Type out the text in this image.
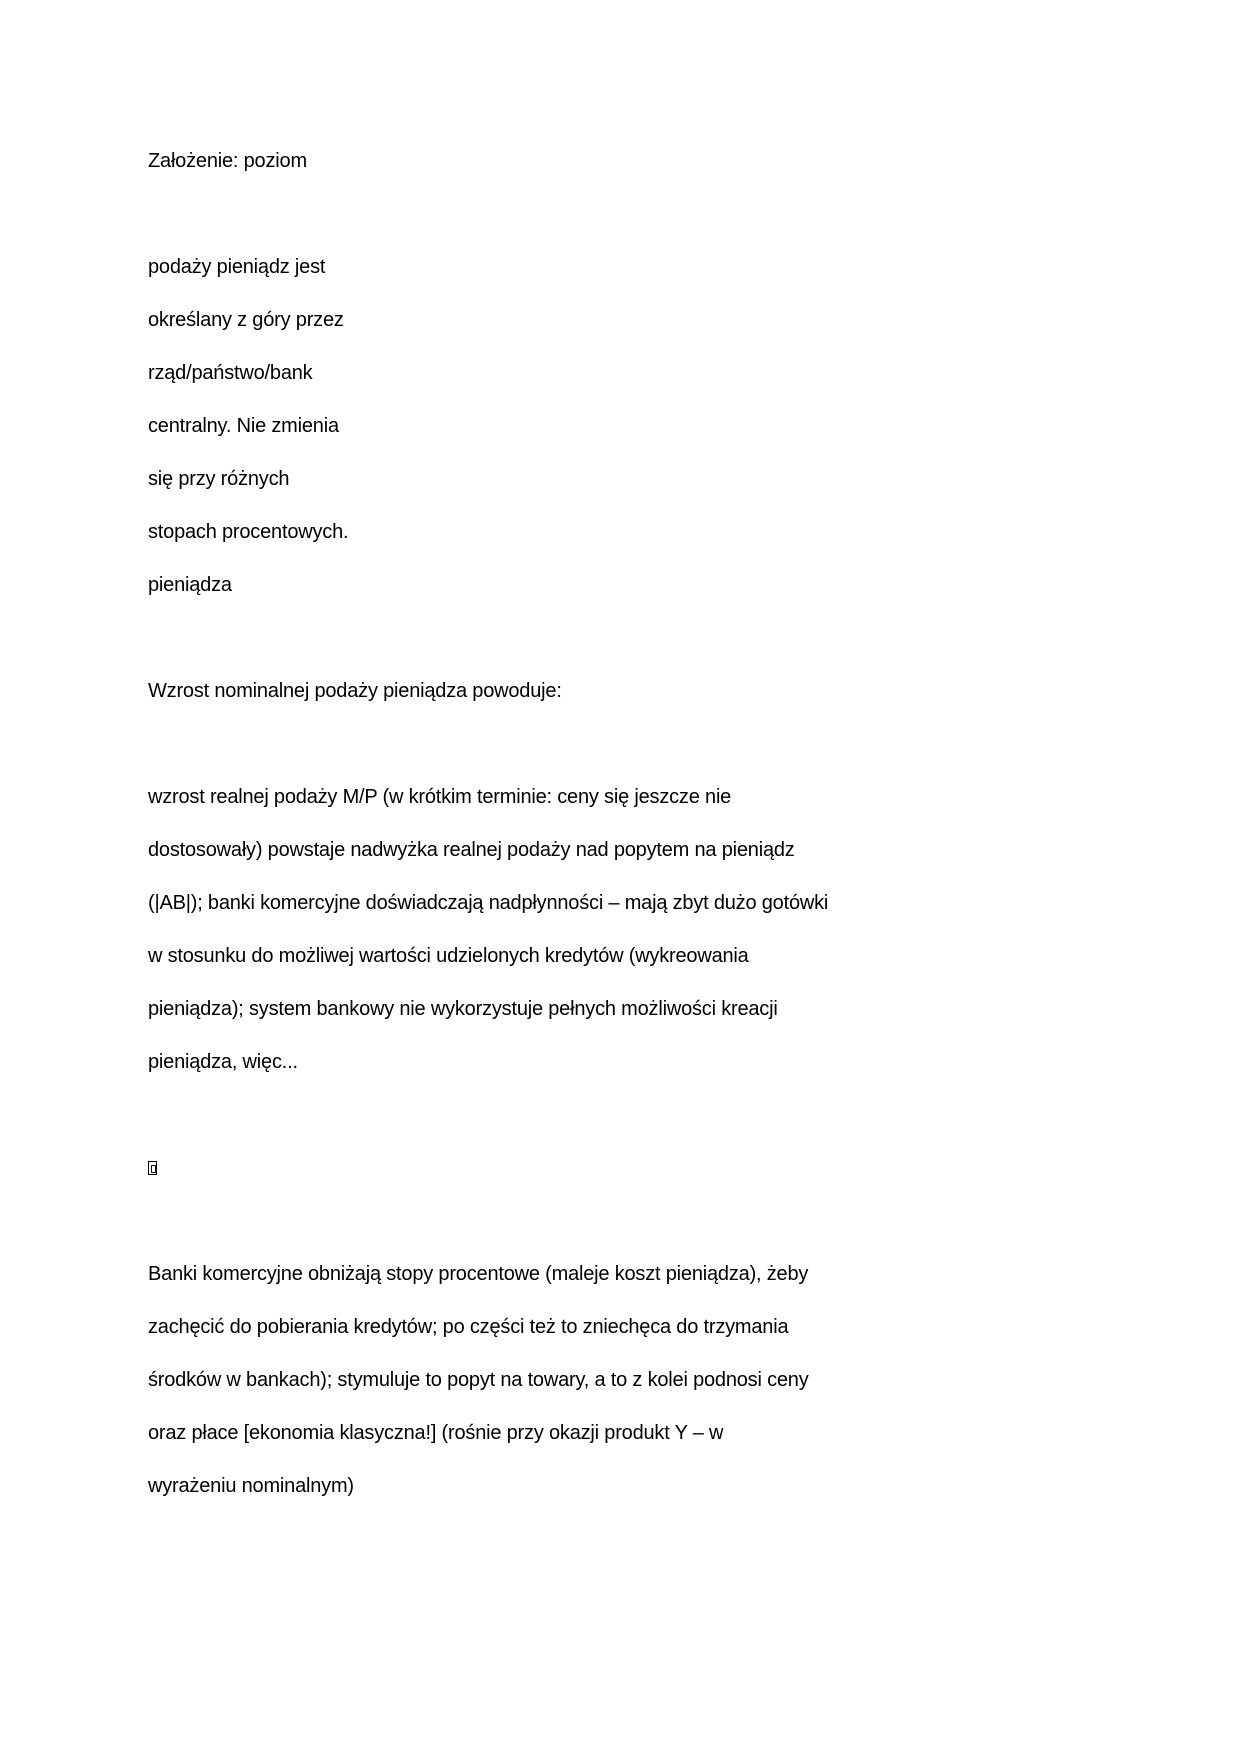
Założenie: poziom
podaży pieniądz jest
określany z góry przez
rząd/państwo/bank
centralny. Nie zmienia
się przy różnych
stopach procentowych.
pieniądza
Wzrost nominalnej podaży pieniądza powoduje:
wzrost realnej podaży M/P (w krótkim terminie: ceny się jeszcze nie
dostosowały) powstaje nadwyżka realnej podaży nad popytem na pieniądz
(|AB|); banki komercyjne doświadczają nadpłynności – mają zbyt dużo gotówki
w stosunku do możliwej wartości udzielonych kredytów (wykreowania
pieniądza); system bankowy nie wykorzystuje pełnych możliwości kreacji
pieniądza, więc...
Banki komercyjne obniżają stopy procentowe (maleje koszt pieniądza), żeby
zachęcić do pobierania kredytów; po części też to zniechęca do trzymania
środków w bankach); stymuluje to popyt na towary, a to z kolei podnosi ceny
oraz płace [ekonomia klasyczna!] (rośnie przy okazji produkt Y – w
wyrażeniu nominalnym)
